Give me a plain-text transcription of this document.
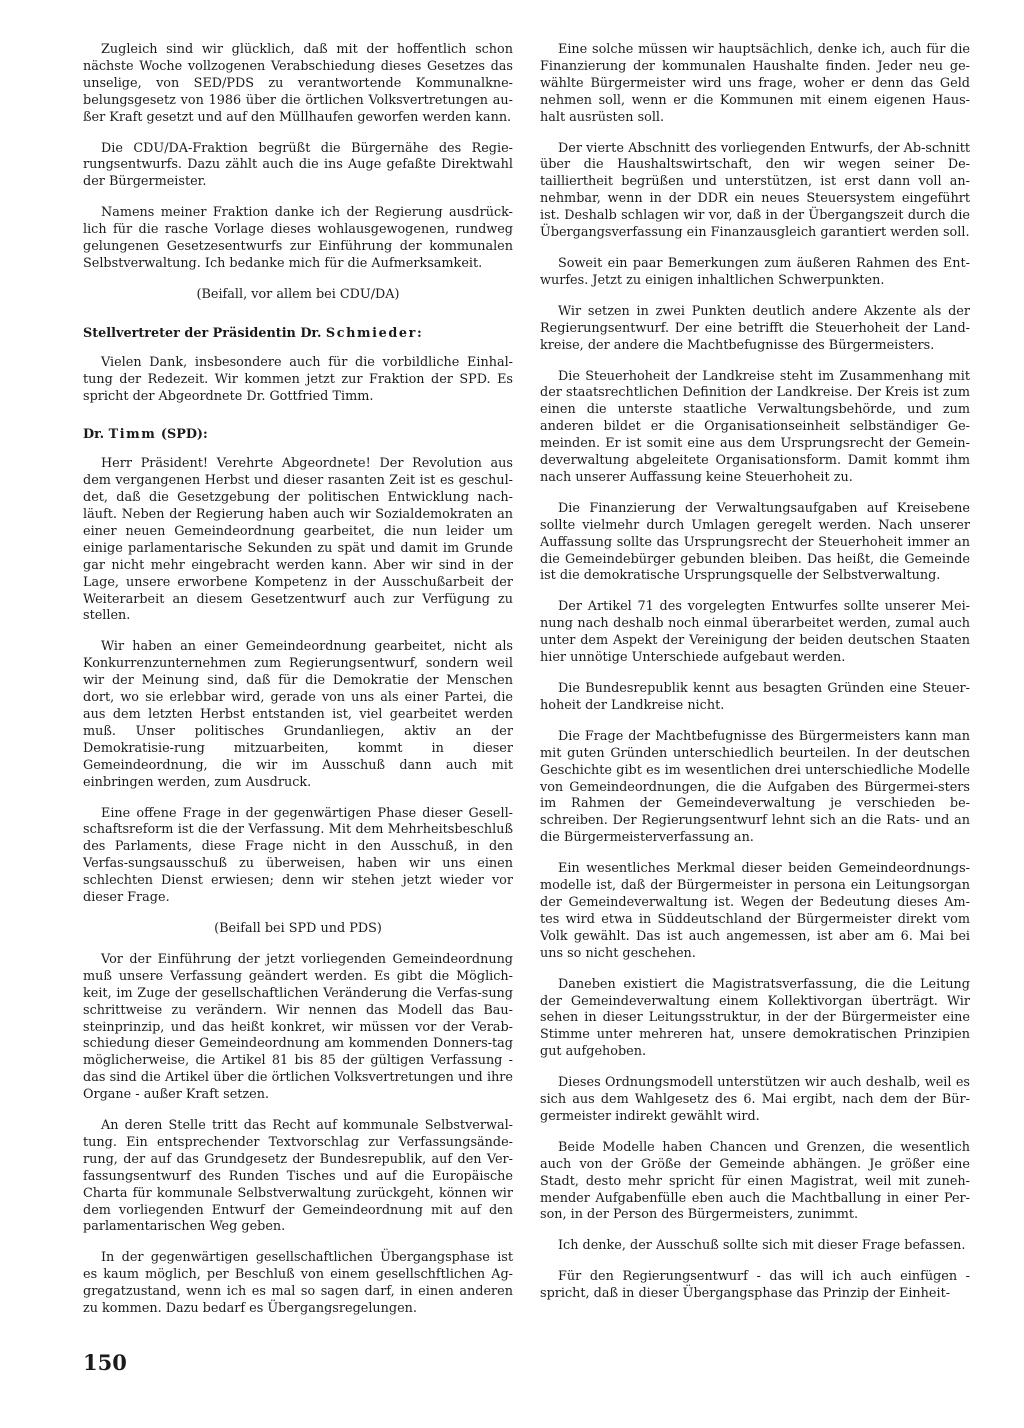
Zugleich sind wir glücklich, daß mit der hoffentlich schon nächste Woche vollzogenen Verabschiedung dieses Gesetzes das unselige, von SED/PDS zu verantwortende Kommunalkne-belungsgesetz von 1986 über die örtlichen Volksvertretungen au-ßer Kraft gesetzt und auf den Müllhaufen geworfen werden kann.

Die CDU/DA-Fraktion begrüßt die Bürgernähe des Regie-rungsentwurfs. Dazu zählt auch die ins Auge gefaßte Direktwahl der Bürgermeister.

Namens meiner Fraktion danke ich der Regierung ausdrück-lich für die rasche Vorlage dieses wohlausgewogenen, rundweg gelungenen Gesetzesentwurfs zur Einführung der kommunalen Selbstverwaltung. Ich bedanke mich für die Aufmerksamkeit.

(Beifall, vor allem bei CDU/DA)

Stellvertreter der Präsidentin Dr. Schmieder:

Vielen Dank, insbesondere auch für die vorbildliche Einhal-tung der Redezeit. Wir kommen jetzt zur Fraktion der SPD. Es spricht der Abgeordnete Dr. Gottfried Timm.

Dr. Timm (SPD):

Herr Präsident! Verehrte Abgeordnete! Der Revolution aus dem vergangenen Herbst und dieser rasanten Zeit ist es geschul-det, daß die Gesetzgebung der politischen Entwicklung nach-läuft. Neben der Regierung haben auch wir Sozialdemokraten an einer neuen Gemeindeordnung gearbeitet, die nun leider um einige parlamentarische Sekunden zu spät und damit im Grunde gar nicht mehr eingebracht werden kann. Aber wir sind in der Lage, unsere erworbene Kompetenz in der Ausschußarbeit der Weiterarbeit an diesem Gesetzentwurf auch zur Verfügung zu stellen.

Wir haben an einer Gemeindeordnung gearbeitet, nicht als Konkurrenzunternehmen zum Regierungsentwurf, sondern weil wir der Meinung sind, daß für die Demokratie der Menschen dort, wo sie erlebbar wird, gerade von uns als einer Partei, die aus dem letzten Herbst entstanden ist, viel gearbeitet werden muß. Unser politisches Grundanliegen, aktiv an der Demokratisie-rung mitzuarbeiten, kommt in dieser Gemeindeordnung, die wir im Ausschuß dann auch mit einbringen werden, zum Ausdruck.

Eine offene Frage in der gegenwärtigen Phase dieser Gesell-schaftsreform ist die der Verfassung. Mit dem Mehrheitsbeschluß des Parlaments, diese Frage nicht in den Ausschuß, in den Verfas-sungsausschuß zu überweisen, haben wir uns einen schlechten Dienst erwiesen; denn wir stehen jetzt wieder vor dieser Frage.

(Beifall bei SPD und PDS)

Vor der Einführung der jetzt vorliegenden Gemeindeordnung muß unsere Verfassung geändert werden. Es gibt die Möglich-keit, im Zuge der gesellschaftlichen Veränderung die Verfas-sung schrittweise zu verändern. Wir nennen das Modell das Bau-steinprinzip, und das heißt konkret, wir müssen vor der Verab-schiedung dieser Gemeindeordnung am kommenden Donners-tag möglicherweise, die Artikel 81 bis 85 der gültigen Verfassung - das sind die Artikel über die örtlichen Volksvertretungen und ihre Organe - außer Kraft setzen.

An deren Stelle tritt das Recht auf kommunale Selbstverwal-tung. Ein entsprechender Textvorschlag zur Verfassungsände-rung, der auf das Grundgesetz der Bundesrepublik, auf den Ver-fassungsentwurf des Runden Tisches und auf die Europäische Charta für kommunale Selbstverwaltung zurückgeht, können wir dem vorliegenden Entwurf der Gemeindeordnung mit auf den parlamentarischen Weg geben.

In der gegenwärtigen gesellschaftlichen Übergangsphase ist es kaum möglich, per Beschluß von einem gesellschftlichen Ag-gregatzustand, wenn ich es mal so sagen darf, in einen anderen zu kommen. Dazu bedarf es Übergangsregelungen.

Eine solche müssen wir hauptsächlich, denke ich, auch für die Finanzierung der kommunalen Haushalte finden. Jeder neu ge-wählte Bürgermeister wird uns frage, woher er denn das Geld nehmen soll, wenn er die Kommunen mit einem eigenen Haus-halt ausrüsten soll.

Der vierte Abschnitt des vorliegenden Entwurfs, der Ab-schnitt über die Haushaltswirtschaft, den wir wegen seiner De-tailliertheit begrüßen und unterstützen, ist erst dann voll an-nehmbar, wenn in der DDR ein neues Steuersystem eingeführt ist. Deshalb schlagen wir vor, daß in der Übergangszeit durch die Übergangsverfassung ein Finanzausgleich garantiert werden soll.

Soweit ein paar Bemerkungen zum äußeren Rahmen des Ent-wurfes. Jetzt zu einigen inhaltlichen Schwerpunkten.

Wir setzen in zwei Punkten deutlich andere Akzente als der Regierungsentwurf. Der eine betrifft die Steuerhoheit der Land-kreise, der andere die Machtbefugnisse des Bürgermeisters.

Die Steuerhoheit der Landkreise steht im Zusammenhang mit der staatsrechtlichen Definition der Landkreise. Der Kreis ist zum einen die unterste staatliche Verwaltungsbehörde, und zum anderen bildet er die Organisationseinheit selbständiger Ge-meinden. Er ist somit eine aus dem Ursprungsrecht der Gemein-deverwaltung abgeleitete Organisationsform. Damit kommt ihm nach unserer Auffassung keine Steuerhoheit zu.

Die Finanzierung der Verwaltungsaufgaben auf Kreisebene sollte vielmehr durch Umlagen geregelt werden. Nach unserer Auffassung sollte das Ursprungsrecht der Steuerhoheit immer an die Gemeindebürger gebunden bleiben. Das heißt, die Gemeinde ist die demokratische Ursprungsquelle der Selbstverwaltung.

Der Artikel 71 des vorgelegten Entwurfes sollte unserer Mei-nung nach deshalb noch einmal überarbeitet werden, zumal auch unter dem Aspekt der Vereinigung der beiden deutschen Staaten hier unnötige Unterschiede aufgebaut werden.

Die Bundesrepublik kennt aus besagten Gründen eine Steuer-hoheit der Landkreise nicht.

Die Frage der Machtbefugnisse des Bürgermeisters kann man mit guten Gründen unterschiedlich beurteilen. In der deutschen Geschichte gibt es im wesentlichen drei unterschiedliche Modelle von Gemeindeordnungen, die die Aufgaben des Bürgermei-sters im Rahmen der Gemeindeverwaltung je verschieden be-schreiben. Der Regierungsentwurf lehnt sich an die Rats- und an die Bürgermeisterverfassung an.

Ein wesentliches Merkmal dieser beiden Gemeindeordnungs-modelle ist, daß der Bürgermeister in persona ein Leitungsorgan der Gemeindeverwaltung ist. Wegen der Bedeutung dieses Am-tes wird etwa in Süddeutschland der Bürgermeister direkt vom Volk gewählt. Das ist auch angemessen, ist aber am 6. Mai bei uns so nicht geschehen.

Daneben existiert die Magistratsverfassung, die die Leitung der Gemeindeverwaltung einem Kollektivorgan überträgt. Wir sehen in dieser Leitungsstruktur, in der der Bürgermeister eine Stimme unter mehreren hat, unsere demokratischen Prinzipien gut aufgehoben.

Dieses Ordnungsmodell unterstützen wir auch deshalb, weil es sich aus dem Wahlgesetz des 6. Mai ergibt, nach dem der Bür-germeister indirekt gewählt wird.

Beide Modelle haben Chancen und Grenzen, die wesentlich auch von der Größe der Gemeinde abhängen. Je größer eine Stadt, desto mehr spricht für einen Magistrat, weil mit zuneh-mender Aufgabenfülle eben auch die Machtballung in einer Per-son, in der Person des Bürgermeisters, zunimmt.

Ich denke, der Ausschuß sollte sich mit dieser Frage befassen.

Für den Regierungsentwurf - das will ich auch einfügen - spricht, daß in dieser Übergangsphase das Prinzip der Einheit-

150
